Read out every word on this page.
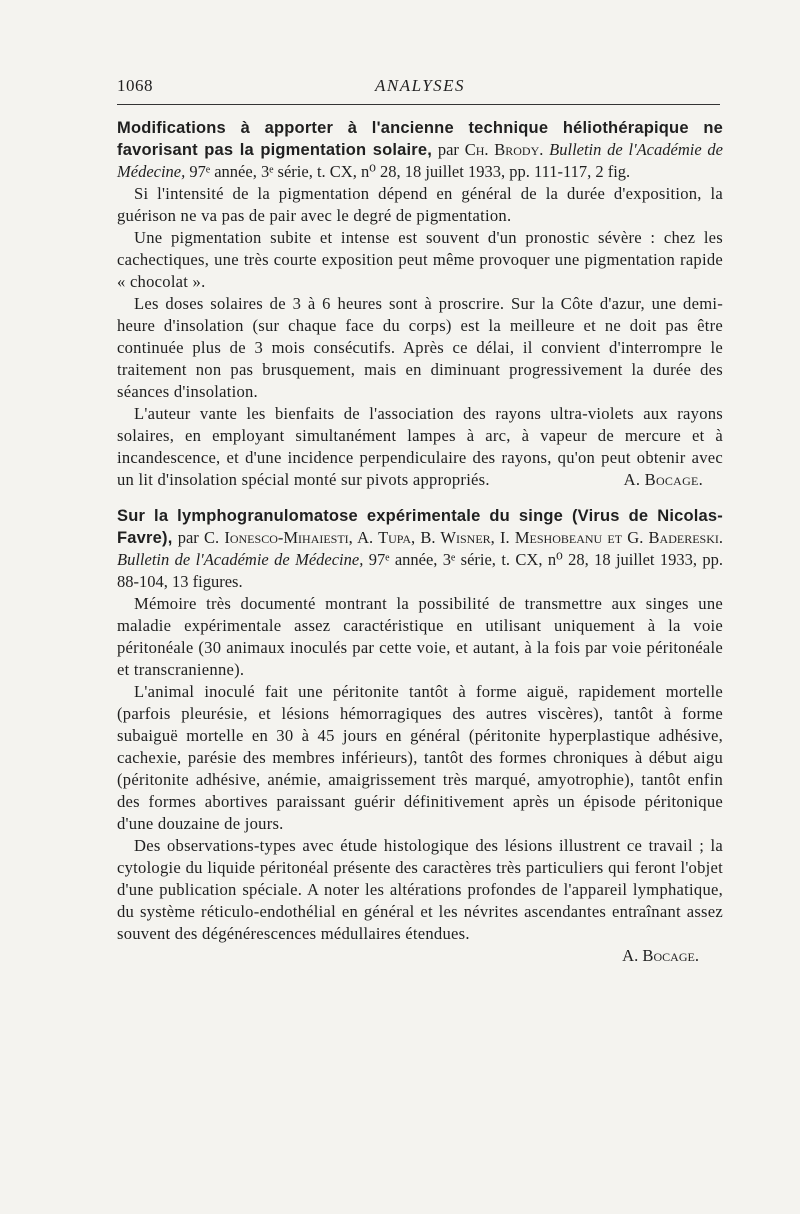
1068	ANALYSES

Modifications à apporter à l'ancienne technique héliothérapique ne favorisant pas la pigmentation solaire, par Ch. Brody. Bulletin de l'Académie de Médecine, 97ᵉ année, 3ᵉ série, t. CX, n⁰ 28, 18 juillet 1933, pp. 111-117, 2 fig.

Si l'intensité de la pigmentation dépend en général de la durée d'exposition, la guérison ne va pas de pair avec le degré de pigmentation.

Une pigmentation subite et intense est souvent d'un pronostic sévère : chez les cachectiques, une très courte exposition peut même provoquer une pigmentation rapide « chocolat ».

Les doses solaires de 3 à 6 heures sont à proscrire. Sur la Côte d'azur, une demi-heure d'insolation (sur chaque face du corps) est la meilleure et ne doit pas être continuée plus de 3 mois consécutifs. Après ce délai, il convient d'interrompre le traitement non pas brusquement, mais en diminuant progressivement la durée des séances d'insolation.

L'auteur vante les bienfaits de l'association des rayons ultra-violets aux rayons solaires, en employant simultanément lampes à arc, à vapeur de mercure et à incandescence, et d'une incidence perpendiculaire des rayons, qu'on peut obtenir avec un lit d'insolation spécial monté sur pivots appropriés.	A. Bocage.

Sur la lymphogranulomatose expérimentale du singe (Virus de Nicolas-Favre), par C. Ionesco-Mihaiesti, A. Tupa, B. Wisner, I. Meshobeanu et G. Badereski. Bulletin de l'Académie de Médecine, 97ᵉ année, 3ᵉ série, t. CX, n⁰ 28, 18 juillet 1933, pp. 88-104, 13 figures.

Mémoire très documenté montrant la possibilité de transmettre aux singes une maladie expérimentale assez caractéristique en utilisant uniquement à la voie péritonéale (30 animaux inoculés par cette voie, et autant, à la fois par voie péritonéale et transcranienne).

L'animal inoculé fait une péritonite tantôt à forme aiguë, rapidement mortelle (parfois pleurésie, et lésions hémorragiques des autres viscères), tantôt à forme subaiguë mortelle en 30 à 45 jours en général (péritonite hyperplastique adhésive, cachexie, parésie des membres inférieurs), tantôt des formes chroniques à début aigu (péritonite adhésive, anémie, amaigrissement très marqué, amyotrophie), tantôt enfin des formes abortives paraissant guérir définitivement après un épisode péritonique d'une douzaine de jours.

Des observations-types avec étude histologique des lésions illustrent ce travail ; la cytologie du liquide péritonéal présente des caractères très particuliers qui feront l'objet d'une publication spéciale. A noter les altérations profondes de l'appareil lymphatique, du système réticulo-endothélial en général et les névrites ascendantes entraînant assez souvent des dégénérescences médullaires étendues.

A. Bocage.
